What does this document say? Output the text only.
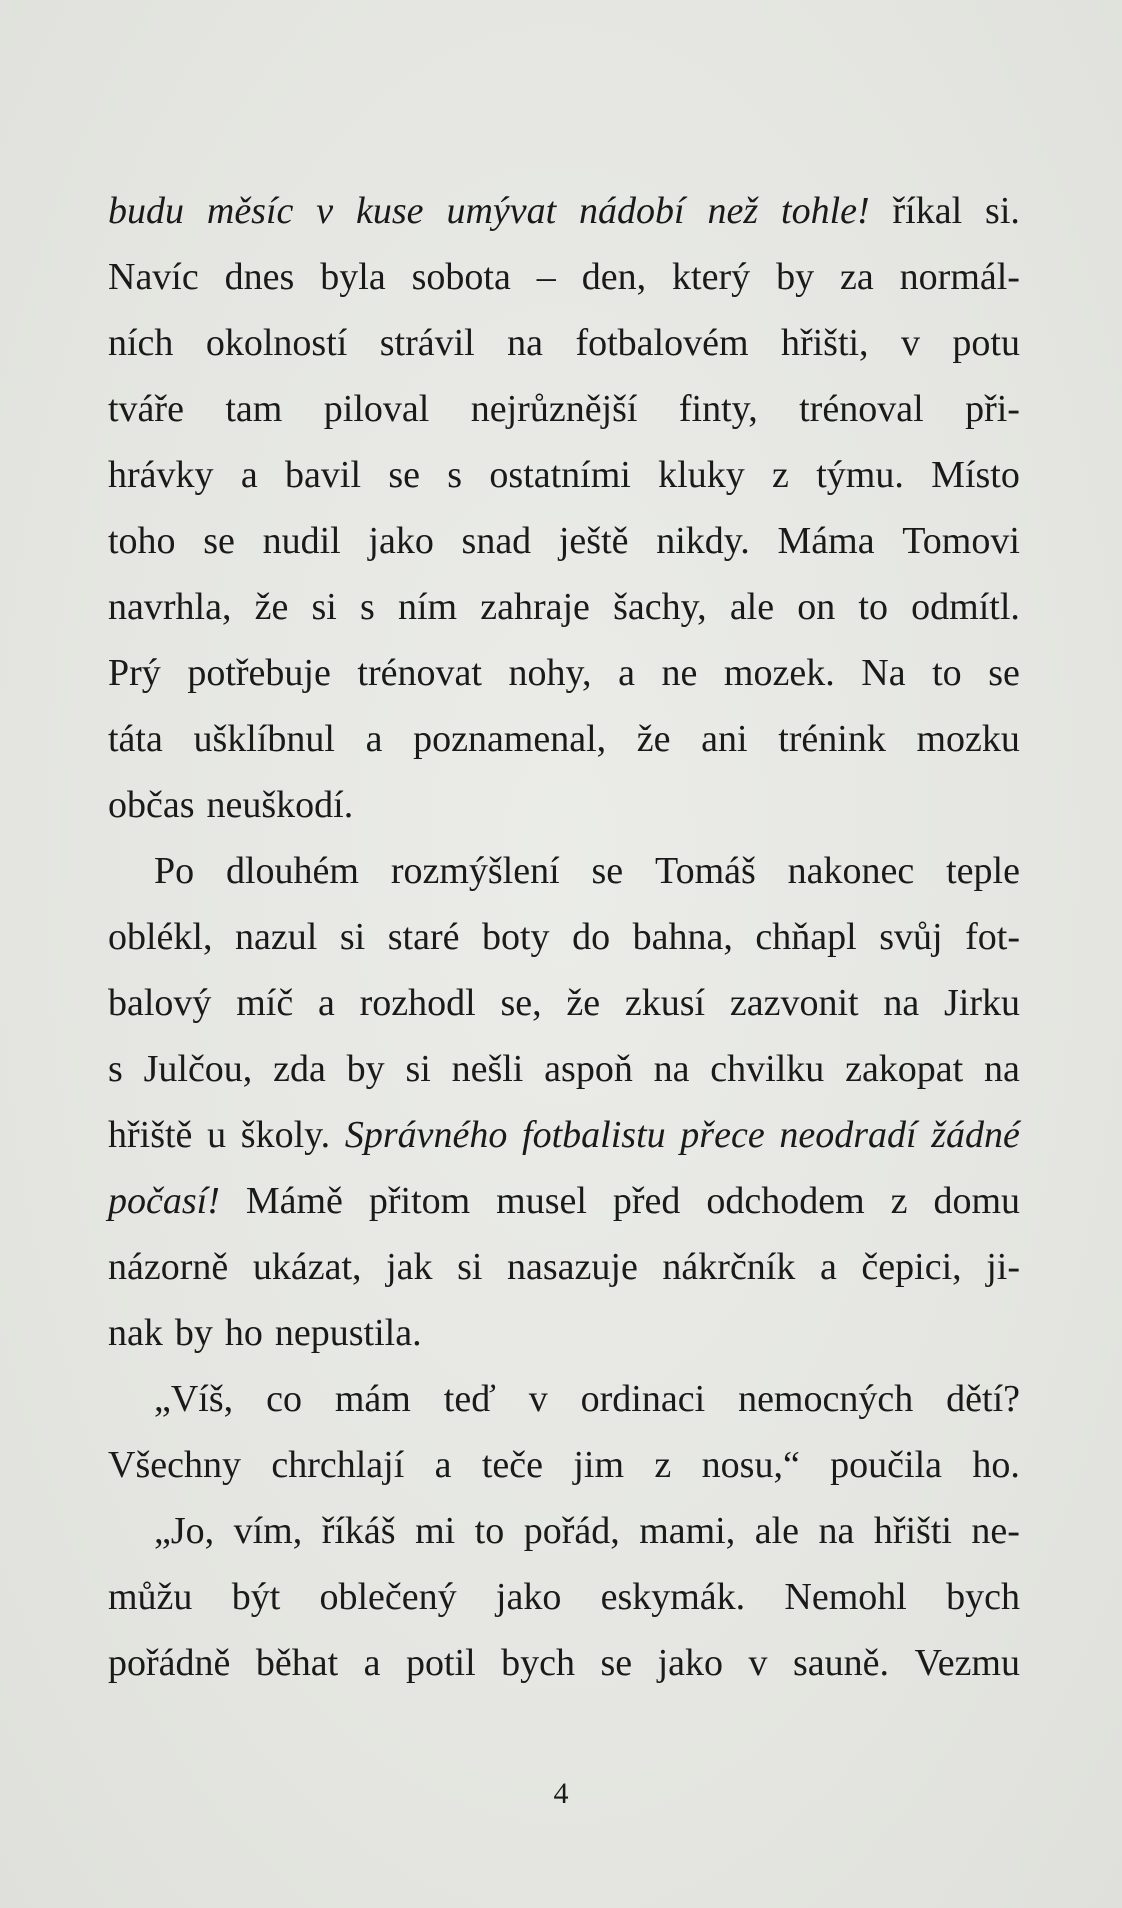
budu měsíc v kuse umývat nádobí než tohle! říkal si.
Navíc dnes byla sobota – den, který by za normál-
ních okolností strávil na fotbalovém hřišti, v potu
tváře tam piloval nejrůznější finty, trénoval při-
hrávky a bavil se s ostatními kluky z týmu. Místo
toho se nudil jako snad ještě nikdy. Máma Tomovi
navrhla, že si s ním zahraje šachy, ale on to odmítl.
Prý potřebuje trénovat nohy, a ne mozek. Na to se
táta ušklíbnul a poznamenal, že ani trénink mozku
občas neuškodí.
Po dlouhém rozmýšlení se Tomáš nakonec teple
oblékl, nazul si staré boty do bahna, chňapl svůj fot-
balový míč a rozhodl se, že zkusí zazvonit na Jirku
s Julčou, zda by si nešli aspoň na chvilku zakopat na
hřiště u školy. Správného fotbalistu přece neodradí žádné
počasí! Mámě přitom musel před odchodem z domu
názorně ukázat, jak si nasazuje nákrčník a čepici, ji-
nak by ho nepustila.
„Víš, co mám teď v ordinaci nemocných dětí?
Všechny chrchlají a teče jim z nosu,“ poučila ho.
„Jo, vím, říkáš mi to pořád, mami, ale na hřišti ne-
můžu být oblečený jako eskymák. Nemohl bych
pořádně běhat a potil bych se jako v sauně. Vezmu
4
